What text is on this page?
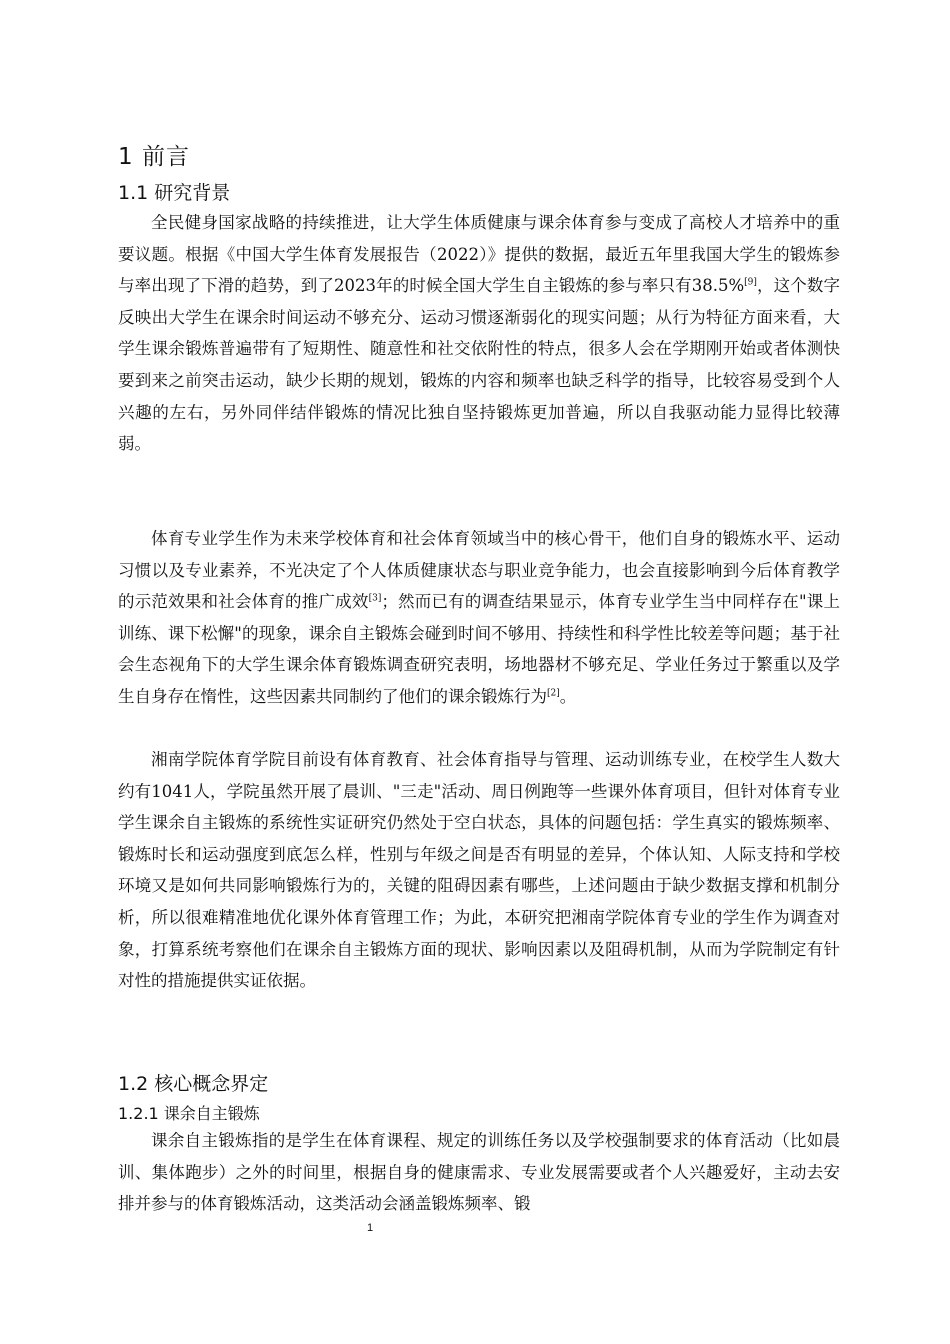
1 前言
1.1 研究背景

全民健身国家战略的持续推进，让大学生体质健康与课余体育参与变成了高校人才培养中的重要议题。根据《中国大学生体育发展报告（2022）》提供的数据，最近五年里我国大学生的锻炼参与率出现了下滑的趋势，到了2023年的时候全国大学生自主锻炼的参与率只有38.5%[9]，这个数字反映出大学生在课余时间运动不够充分、运动习惯逐渐弱化的现实问题；从行为特征方面来看，大学生课余锻炼普遍带有了短期性、随意性和社交依附性的特点，很多人会在学期刚开始或者体测快要到来之前突击运动，缺少长期的规划，锻炼的内容和频率也缺乏科学的指导，比较容易受到个人兴趣的左右，另外同伴结伴锻炼的情况比独自坚持锻炼更加普遍，所以自我驱动能力显得比较薄弱。

体育专业学生作为未来学校体育和社会体育领域当中的核心骨干，他们自身的锻炼水平、运动习惯以及专业素养，不光决定了个人体质健康状态与职业竞争能力，也会直接影响到今后体育教学的示范效果和社会体育的推广成效[3]；然而已有的调查结果显示，体育专业学生当中同样存在"课上训练、课下松懈"的现象，课余自主锻炼会碰到时间不够用、持续性和科学性比较差等问题；基于社会生态视角下的大学生课余体育锻炼调查研究表明，场地器材不够充足、学业任务过于繁重以及学生自身存在惰性，这些因素共同制约了他们的课余锻炼行为[2]。

湘南学院体育学院目前设有体育教育、社会体育指导与管理、运动训练专业，在校学生人数大约有1041人，学院虽然开展了晨训、"三走"活动、周日例跑等一些课外体育项目，但针对体育专业学生课余自主锻炼的系统性实证研究仍然处于空白状态，具体的问题包括：学生真实的锻炼频率、锻炼时长和运动强度到底怎么样，性别与年级之间是否有明显的差异，个体认知、人际支持和学校环境又是如何共同影响锻炼行为的，关键的阻碍因素有哪些，上述问题由于缺少数据支撑和机制分析，所以很难精准地优化课外体育管理工作；为此，本研究把湘南学院体育专业的学生作为调查对象，打算系统考察他们在课余自主锻炼方面的现状、影响因素以及阻碍机制，从而为学院制定有针对性的措施提供实证依据。

1.2 核心概念界定
1.2.1 课余自主锻炼

课余自主锻炼指的是学生在体育课程、规定的训练任务以及学校强制要求的体育活动（比如晨训、集体跑步）之外的时间里，根据自身的健康需求、专业发展需要或者个人兴趣爱好，主动去安排并参与的体育锻炼活动，这类活动会涵盖锻炼频率、锻

1
